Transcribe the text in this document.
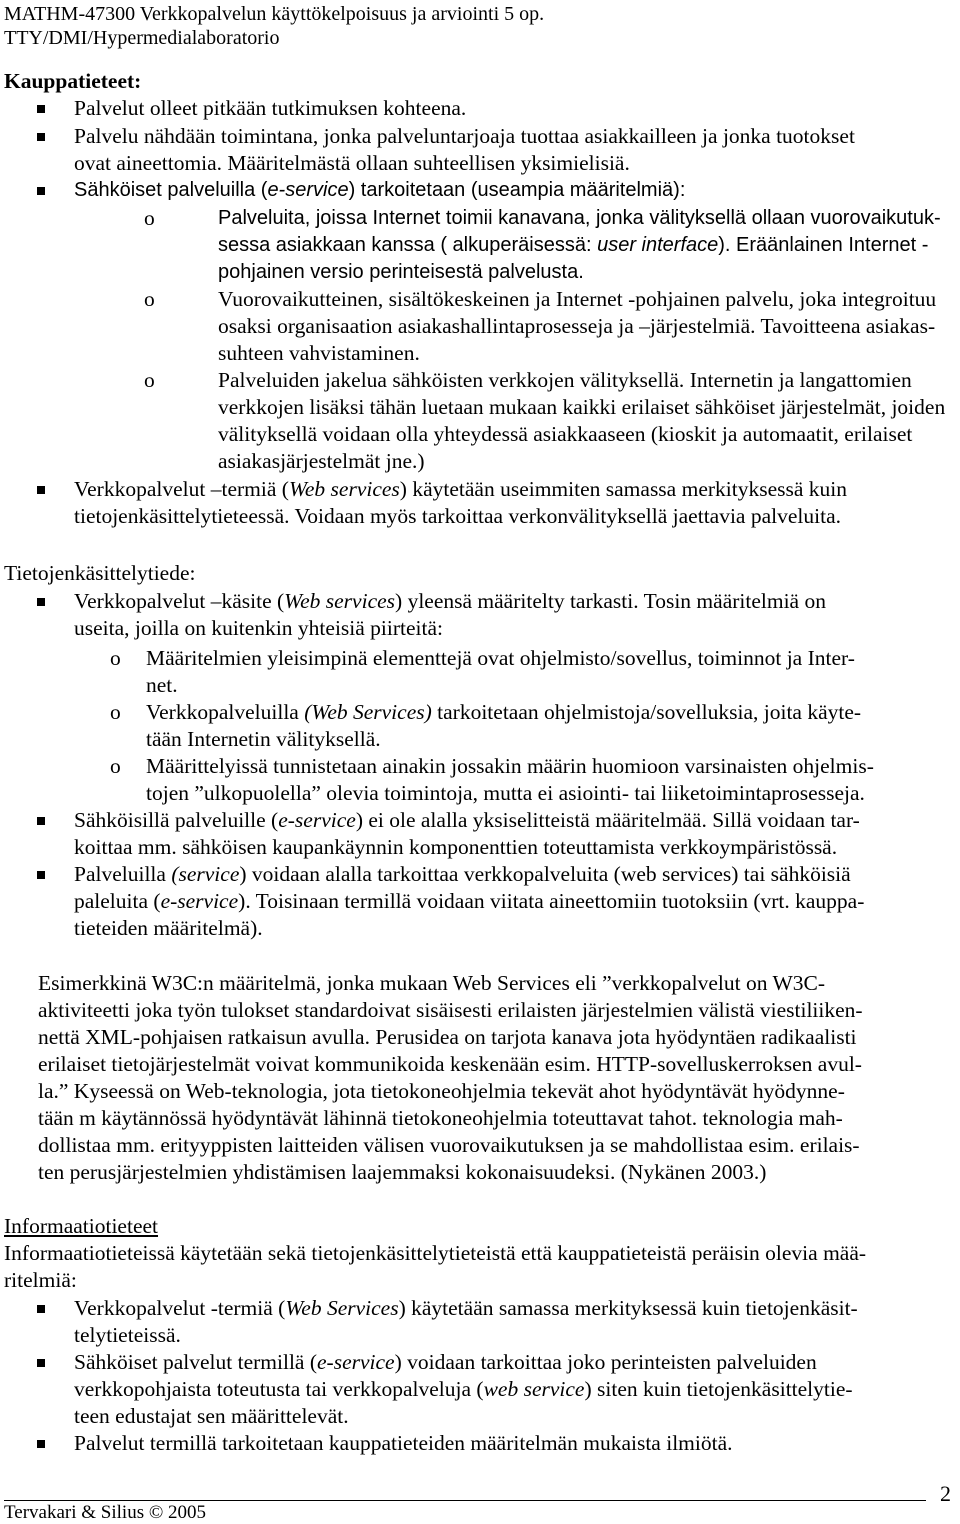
MATHM-47300 Verkkopalvelun käyttökelpoisuus ja arviointi 5 op.
TTY/DMI/Hypermedialaboratorio
Kauppatieteet:
Palvelut olleet pitkään tutkimuksen kohteena.
Palvelu nähdään toimintana, jonka palveluntarjoaja tuottaa asiakkailleen ja jonka tuotokset
ovat aineettomia. Määritelmästä ollaan suhteellisen yksimielisiä.
Sähköiset palveluilla (e-service) tarkoitetaan (useampia määritelmiä):
o	Palveluita, joissa Internet toimii kanavana, jonka välityksellä ollaan vuorovaikutuk-
sessa asiakkaan kanssa ( alkuperäisessä: user interface). Eräänlainen Internet -
pohjainen versio perinteisestä palvelusta.
o	Vuorovaikutteinen, sisältökeskeinen ja Internet -pohjainen palvelu, joka integroituu
osaksi organisaation asiakashallintaprosesseja ja –järjestelmiä. Tavoitteena asiakas-
suhteen vahvistaminen.
o	Palveluiden jakelua sähköisten verkkojen välityksellä. Internetin ja langattomien
verkkojen lisäksi tähän luetaan mukaan kaikki erilaiset sähköiset järjestelmät, joiden
välityksellä voidaan olla yhteydessä asiakkaaseen (kioskit ja automaatit, erilaiset
asiakasjärjestelmät jne.)
Verkkopalvelut –termiä (Web services) käytetään useimmiten samassa merkityksessä kuin
tietojenkäsittelytieteessä. Voidaan myös tarkoittaa verkonvälityksellä jaettavia palveluita.
Tietojenkäsittelytiede:
Verkkopalvelut –käsite (Web services) yleensä määritelty tarkasti. Tosin määritelmiä on
useita, joilla on kuitenkin yhteisiä piirteitä:
o Määritelmien yleisimpinä elementtejä ovat ohjelmisto/sovellus, toiminnot ja Inter-
net.
o Verkkopalveluilla (Web Services) tarkoitetaan ohjelmistoja/sovelluksia, joita käyte-
tään Internetin välityksellä.
o Määrittelyissä tunnistetaan ainakin jossakin määrin huomioon varsinaisten ohjelmis-
tojen ”ulkopuolella” olevia toimintoja, mutta ei asiointi- tai liiketoimintaprosesseja.
Sähköisillä palveluille (e-service) ei ole alalla yksiselitteistä määritelmää. Sillä voidaan tar-
koittaa mm. sähköisen kaupankäynnin komponenttien toteuttamista verkkoympäristössä.
Palveluilla (service) voidaan alalla tarkoittaa verkkopalveluita (web services) tai sähköisiä
paleluita (e-service). Toisinaan termillä voidaan viitata aineettomiin tuotoksiin (vrt. kauppa-
tieteiden määritelmä).
Esimerkkinä W3C:n määritelmä, jonka mukaan Web Services eli ”verkkopalvelut on W3C-
aktiviteetti joka työn tulokset standardoivat sisäisesti erilaisten järjestelmien välistä viestiliiken-
nettä XML-pohjaisen ratkaisun avulla. Perusidea on tarjota kanava jota hyödyntäen radikaalisti
erilaiset tietojärjestelmät voivat kommunikoida keskenään esim. HTTP-sovelluskerroksen avul-
la.” Kyseessä on Web-teknologia, jota tietokoneohjelmia tekevät ahot hyödyntävät hyödynne-
tään m käytännössä hyödyntävät lähinnä tietokoneohjelmia toteuttavat tahot. teknologia mah-
dollistaa mm. erityyppisten laitteiden välisen vuorovaikutuksen ja se mahdollistaa esim. erilais-
ten perusjärjestelmien yhdistämisen laajemmaksi kokonaisuudeksi. (Nykänen 2003.)
Informaatiotieteet
Informaatiotieteissä käytetään sekä tietojenkäsittelytieteistä että kauppatieteistä peräisin olevia mää-
ritelmiä:
Verkkopalvelut -termiä (Web Services) käytetään samassa merkityksessä kuin tietojenkäsit-
telytieteissä.
Sähköiset palvelut termillä (e-service) voidaan tarkoittaa joko perinteisten palveluiden
verkkopohjaista toteutusta tai verkkopalveluja (web service) siten kuin tietojenkäsittelytie-
teen edustajat sen määrittelevät.
Palvelut termillä tarkoitetaan kauppatieteiden määritelmän mukaista ilmiötä.
2
Tervakari & Silius © 2005
